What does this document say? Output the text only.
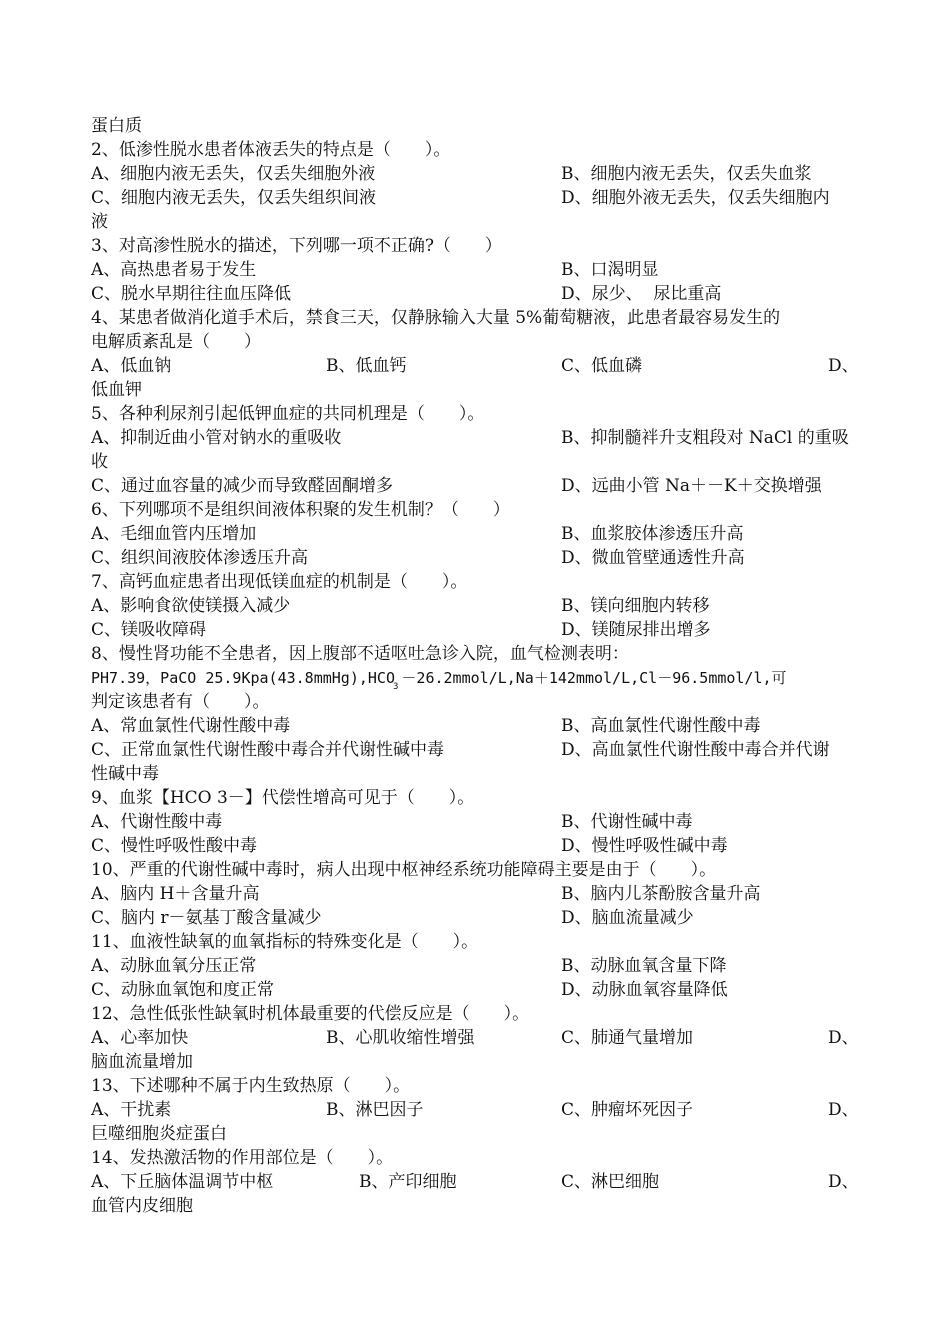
蛋白质
2、低渗性脱水患者体液丢失的特点是（　　）。
A、细胞内液无丢失，仅丢失细胞外液	B、细胞内液无丢失，仅丢失血浆
C、细胞内液无丢失，仅丢失组织间液	D、细胞外液无丢失，仅丢失细胞内
液
3、对高渗性脱水的描述，下列哪一项不正确?（　　）
A、高热患者易于发生	B、口渴明显
C、脱水早期往往血压降低	D、尿少、  尿比重高
4、某患者做消化道手术后，禁食三天，仅静脉输入大量 5%葡萄糖液，此患者最容易发生的
电解质紊乱是（　　）
A、低血钠	B、低血钙	C、低血磷	D、
低血钾
5、各种利尿剂引起低钾血症的共同机理是（　　）。
A、抑制近曲小管对钠水的重吸收	B、抑制髓袢升支粗段对 NaCl 的重吸
收
C、通过血容量的减少而导致醛固酮增多	D、远曲小管 Na＋－K＋交换增强
6、下列哪项不是组织间液体积聚的发生机制？（　　）
A、毛细血管内压增加	B、血浆胶体渗透压升高
C、组织间液胶体渗透压升高	D、微血管壁通透性升高
7、高钙血症患者出现低镁血症的机制是（　　）。
A、影响食欲使镁摄入减少	B、镁向细胞内转移
C、镁吸收障碍	D、镁随尿排出增多
8、慢性肾功能不全患者，因上腹部不适呕吐急诊入院，血气检测表明：
PH7.39，PaCO $25.9Kpa(43.8mmHg),HCO_3$ －26.2mmol/L,Na＋142mmol/L,Cl－96.5mmol/l,可
判定该患者有（　　）。
A、常血氯性代谢性酸中毒	B、高血氯性代谢性酸中毒
C、正常血氯性代谢性酸中毒合并代谢性碱中毒	D、高血氯性代谢性酸中毒合并代谢
性碱中毒
9、血浆【HCO 3－】代偿性增高可见于（　　）。
A、代谢性酸中毒	B、代谢性碱中毒
C、慢性呼吸性酸中毒	D、慢性呼吸性碱中毒
10、严重的代谢性碱中毒时，病人出现中枢神经系统功能障碍主要是由于（　　）。
A、脑内 H＋含量升高	B、脑内儿茶酚胺含量升高
C、脑内 r－氨基丁酸含量减少	D、脑血流量减少
11、血液性缺氧的血氧指标的特殊变化是（　　）。
A、动脉血氧分压正常	B、动脉血氧含量下降
C、动脉血氧饱和度正常	D、动脉血氧容量降低
12、急性低张性缺氧时机体最重要的代偿反应是（　　）。
A、心率加快	B、心肌收缩性增强	C、肺通气量增加	D、
脑血流量增加
13、下述哪种不属于内生致热原（　　）。
A、干扰素	B、淋巴因子	C、肿瘤坏死因子	D、
巨噬细胞炎症蛋白
14、发热激活物的作用部位是（　　）。
A、下丘脑体温调节中枢	B、产印细胞	C、淋巴细胞	D、
血管内皮细胞
